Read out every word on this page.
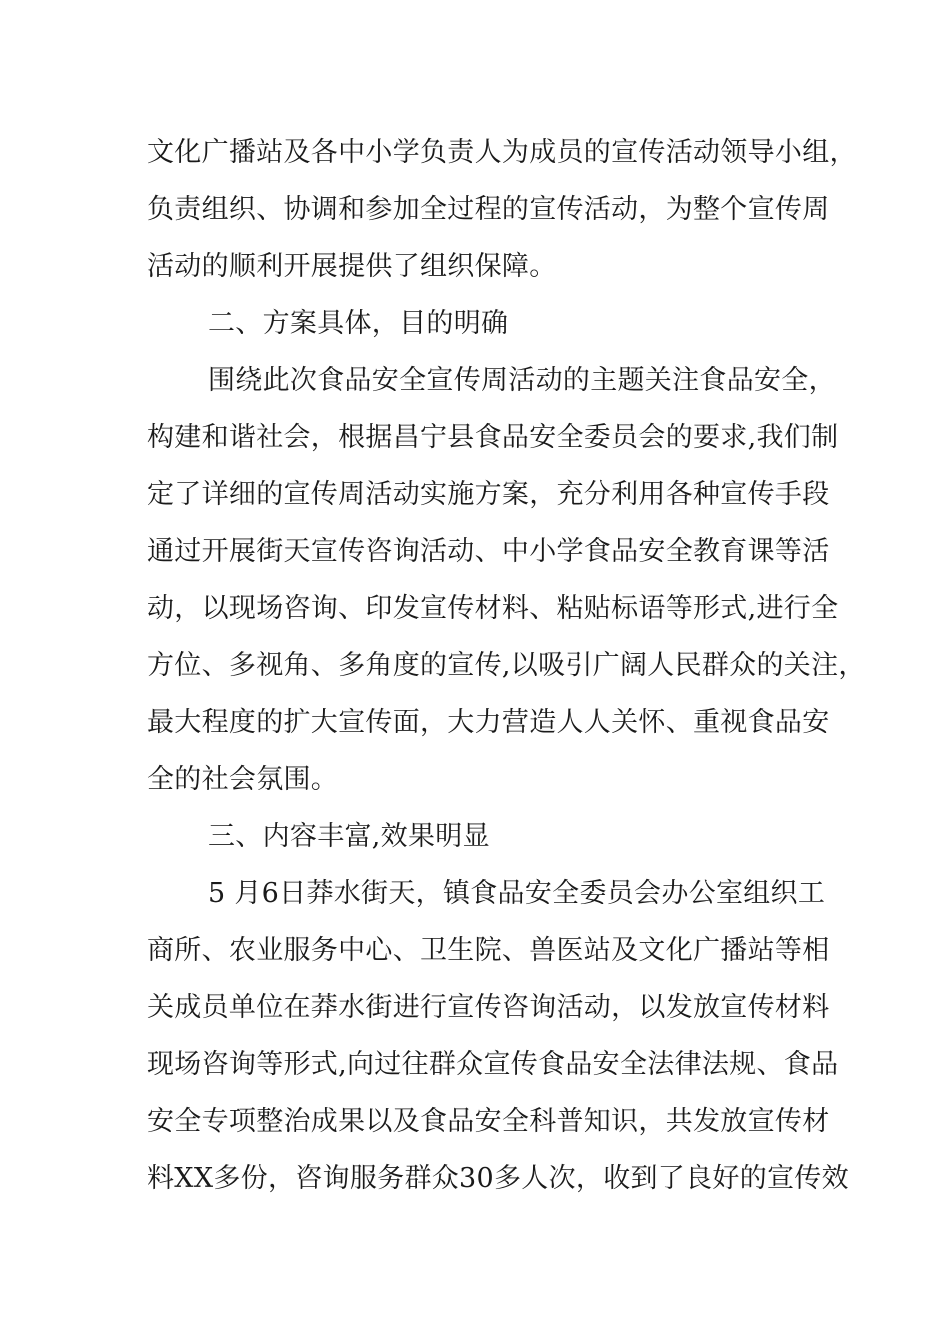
文化广播站及各中小学负责人为成员的宣传活动领导小组，
负责组织、协调和参加全过程的宣传活动，为整个宣传周
活动的顺利开展提供了组织保障。
二、方案具体，目的明确
围绕此次食品安全宣传周活动的主题关注食品安全，
构建和谐社会，根据昌宁县食品安全委员会的要求,我们制
定了详细的宣传周活动实施方案，充分利用各种宣传手段
通过开展街天宣传咨询活动、中小学食品安全教育课等活
动，以现场咨询、印发宣传材料、粘贴标语等形式,进行全
方位、多视角、多角度的宣传,以吸引广阔人民群众的关注，
最大程度的扩大宣传面，大力营造人人关怀、重视食品安
全的社会氛围。
三、内容丰富,效果明显
5 月6日莽水街天，镇食品安全委员会办公室组织工
商所、农业服务中心、卫生院、兽医站及文化广播站等相
关成员单位在莽水街进行宣传咨询活动，以发放宣传材料
现场咨询等形式,向过往群众宣传食品安全法律法规、食品
安全专项整治成果以及食品安全科普知识，共发放宣传材
料XX多份，咨询服务群众30多人次，收到了良好的宣传效
